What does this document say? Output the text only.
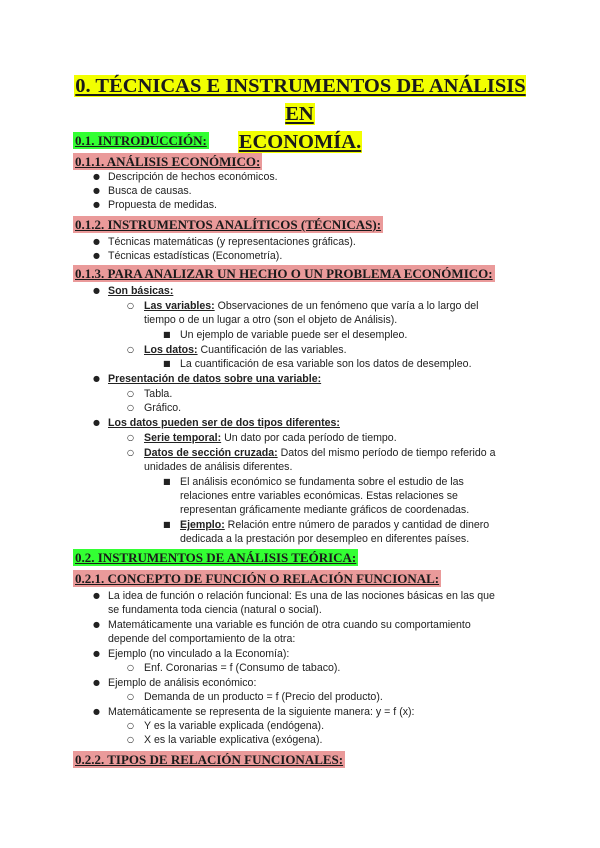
0. TÉCNICAS E INSTRUMENTOS DE ANÁLISIS EN
ECONOMÍA.
0.1. INTRODUCCIÓN:
0.1.1. ANÁLISIS ECONÓMICO:
● Descripción de hechos económicos.
● Busca de causas.
● Propuesta de medidas.
0.1.2. INSTRUMENTOS ANALÍTICOS (TÉCNICAS):
● Técnicas matemáticas (y representaciones gráficas).
● Técnicas estadísticas (Econometría).
0.1.3. PARA ANALIZAR UN HECHO O UN PROBLEMA ECONÓMICO:
● Son básicas:
○ Las variables: Observaciones de un fenómeno que varía a lo largo del
tiempo o de un lugar a otro (son el objeto de Análisis).
■ Un ejemplo de variable puede ser el desempleo.
○ Los datos: Cuantificación de las variables.
■ La cuantificación de esa variable son los datos de desempleo.
● Presentación de datos sobre una variable:
○ Tabla.
○ Gráfico.
● Los datos pueden ser de dos tipos diferentes:
○ Serie temporal: Un dato por cada período de tiempo.
○ Datos de sección cruzada: Datos del mismo período de tiempo referido a
unidades de análisis diferentes.
■ El análisis económico se fundamenta sobre el estudio de las
relaciones entre variables económicas. Estas relaciones se
representan gráficamente mediante gráficos de coordenadas.
■ Ejemplo: Relación entre número de parados y cantidad de dinero
dedicada a la prestación por desempleo en diferentes países.
0.2. INSTRUMENTOS DE ANÁLISIS TEÓRICA:
0.2.1. CONCEPTO DE FUNCIÓN O RELACIÓN FUNCIONAL:
● La idea de función o relación funcional: Es una de las nociones básicas en las que
se fundamenta toda ciencia (natural o social).
● Matemáticamente una variable es función de otra cuando su comportamiento
depende del comportamiento de la otra:
● Ejemplo (no vinculado a la Economía):
○ Enf. Coronarias = f (Consumo de tabaco).
● Ejemplo de análisis económico:
○ Demanda de un producto = f (Precio del producto).
● Matemáticamente se representa de la siguiente manera: y = f (x):
○ Y es la variable explicada (endógena).
○ X es la variable explicativa (exógena).
0.2.2. TIPOS DE RELACIÓN FUNCIONALES:
